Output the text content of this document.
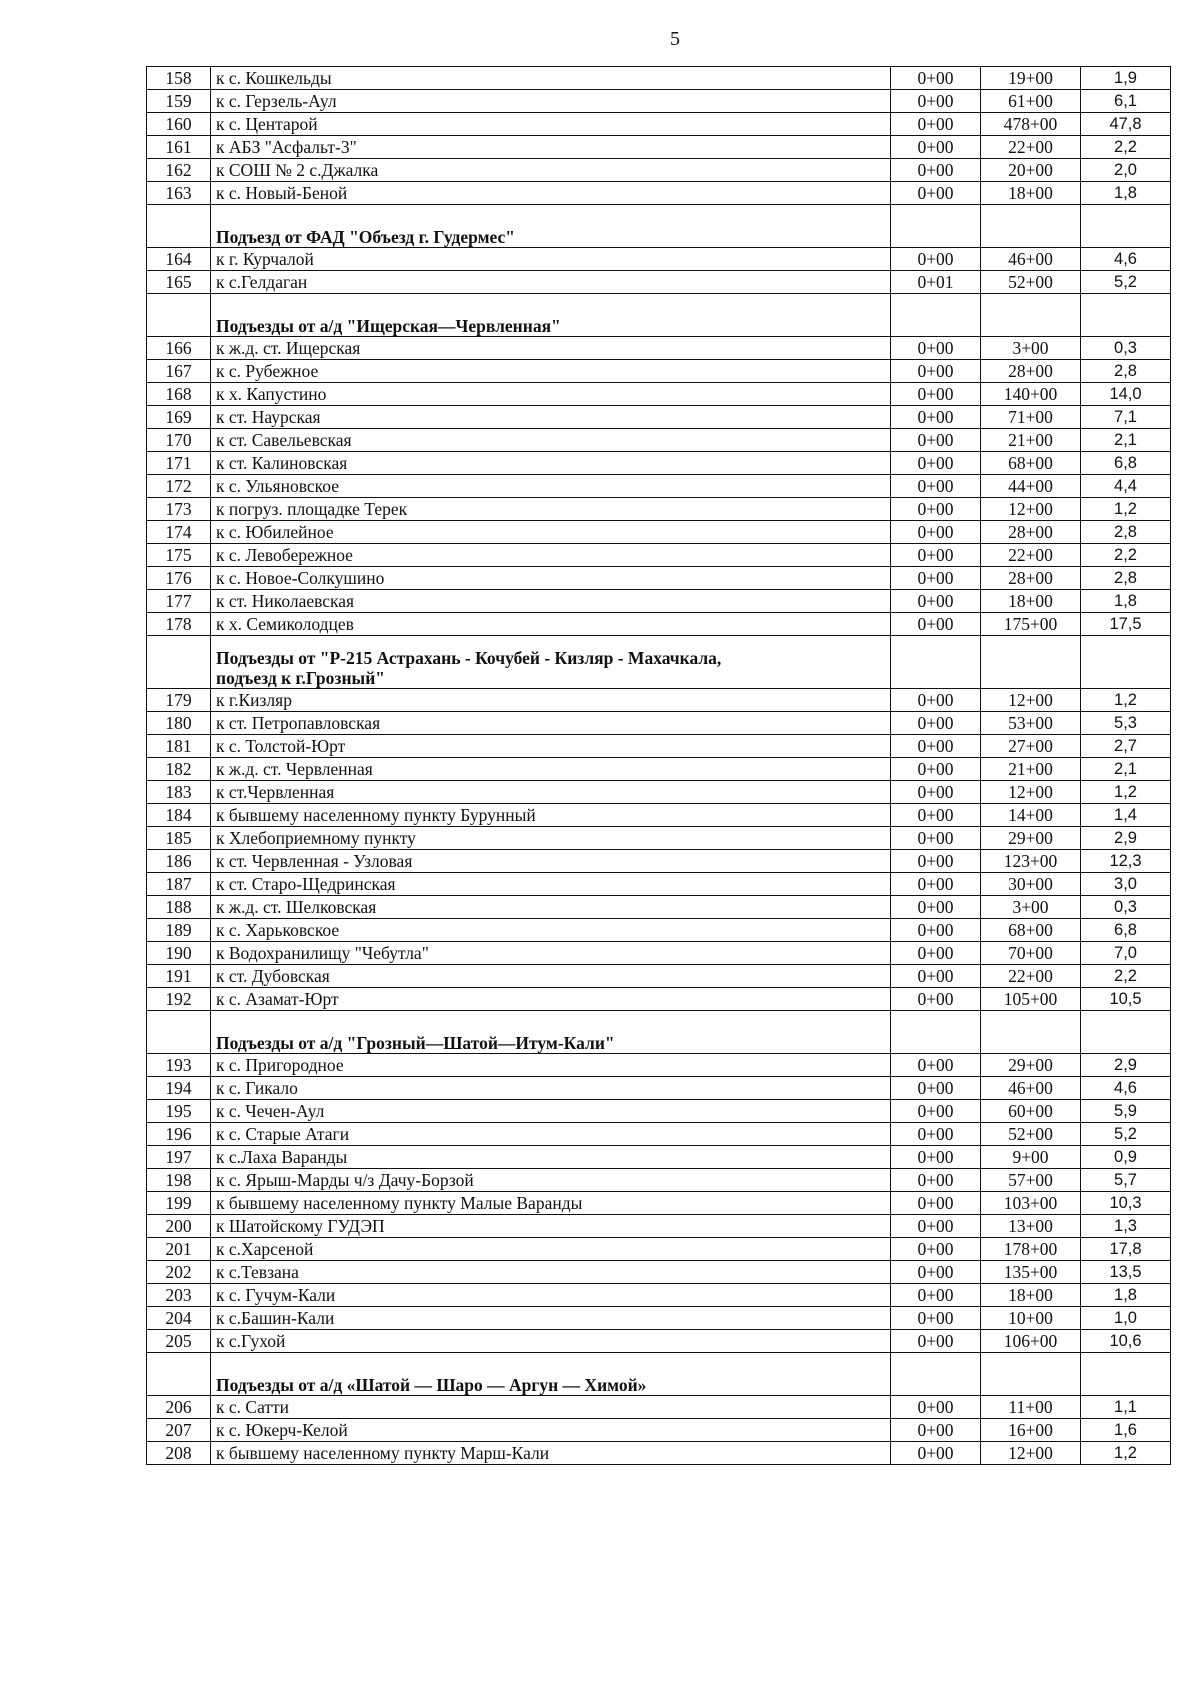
5
158	к с. Кошкельды	0+00	19+00	1,9
159	к с. Герзель-Аул	0+00	61+00	6,1
160	к с. Центарой	0+00	478+00	47,8
161	к АБЗ "Асфальт-3"	0+00	22+00	2,2
162	к СОШ № 2 с.Джалка	0+00	20+00	2,0
163	к с. Новый-Беной	0+00	18+00	1,8
	Подъезд от ФАД "Объезд г. Гудермес"			
164	к г. Курчалой	0+00	46+00	4,6
165	к с.Гелдаган	0+01	52+00	5,2
	Подъезды от а/д "Ищерская—Червленная"			
166	к ж.д. ст. Ищерская	0+00	3+00	0,3
167	к с. Рубежное	0+00	28+00	2,8
168	к х. Капустино	0+00	140+00	14,0
169	к ст. Наурская	0+00	71+00	7,1
170	к ст. Савельевская	0+00	21+00	2,1
171	к ст. Калиновская	0+00	68+00	6,8
172	к с. Ульяновское	0+00	44+00	4,4
173	к погруз. площадке Терек	0+00	12+00	1,2
174	к с. Юбилейное	0+00	28+00	2,8
175	к с. Левобережное	0+00	22+00	2,2
176	к с. Новое-Солкушино	0+00	28+00	2,8
177	к ст. Николаевская	0+00	18+00	1,8
178	к х. Семиколодцев	0+00	175+00	17,5
	Подъезды от "Р-215 Астрахань - Кочубей - Кизляр - Махачкала,
подъезд к г.Грозный"			
179	к г.Кизляр	0+00	12+00	1,2
180	к ст. Петропавловская	0+00	53+00	5,3
181	к с. Толстой-Юрт	0+00	27+00	2,7
182	к ж.д. ст. Червленная	0+00	21+00	2,1
183	к ст.Червленная	0+00	12+00	1,2
184	к бывшему населенному пункту Бурунный	0+00	14+00	1,4
185	к Хлебоприемному пункту	0+00	29+00	2,9
186	к ст. Червленная - Узловая	0+00	123+00	12,3
187	к ст. Старо-Щедринская	0+00	30+00	3,0
188	к ж.д. ст. Шелковская	0+00	3+00	0,3
189	к с. Харьковское	0+00	68+00	6,8
190	к Водохранилищу "Чебутла"	0+00	70+00	7,0
191	к ст. Дубовская	0+00	22+00	2,2
192	к с. Азамат-Юрт	0+00	105+00	10,5
	Подъезды от а/д "Грозный—Шатой—Итум-Кали"			
193	к с. Пригородное	0+00	29+00	2,9
194	к с. Гикало	0+00	46+00	4,6
195	к с. Чечен-Аул	0+00	60+00	5,9
196	к с. Старые Атаги	0+00	52+00	5,2
197	к с.Лаха Варанды	0+00	9+00	0,9
198	к с. Ярыш-Марды ч/з Дачу-Борзой	0+00	57+00	5,7
199	к бывшему населенному пункту Малые Варанды	0+00	103+00	10,3
200	к Шатойскому ГУДЭП	0+00	13+00	1,3
201	к с.Харсеной	0+00	178+00	17,8
202	к с.Тевзана	0+00	135+00	13,5
203	к с. Гучум-Кали	0+00	18+00	1,8
204	к с.Башин-Кали	0+00	10+00	1,0
205	к с.Гухой	0+00	106+00	10,6
	Подъезды от а/д «Шатой — Шаро — Аргун — Химой»			
206	к с. Сатти	0+00	11+00	1,1
207	к с. Юкерч-Келой	0+00	16+00	1,6
208	к бывшему населенному пункту Марш-Кали	0+00	12+00	1,2
